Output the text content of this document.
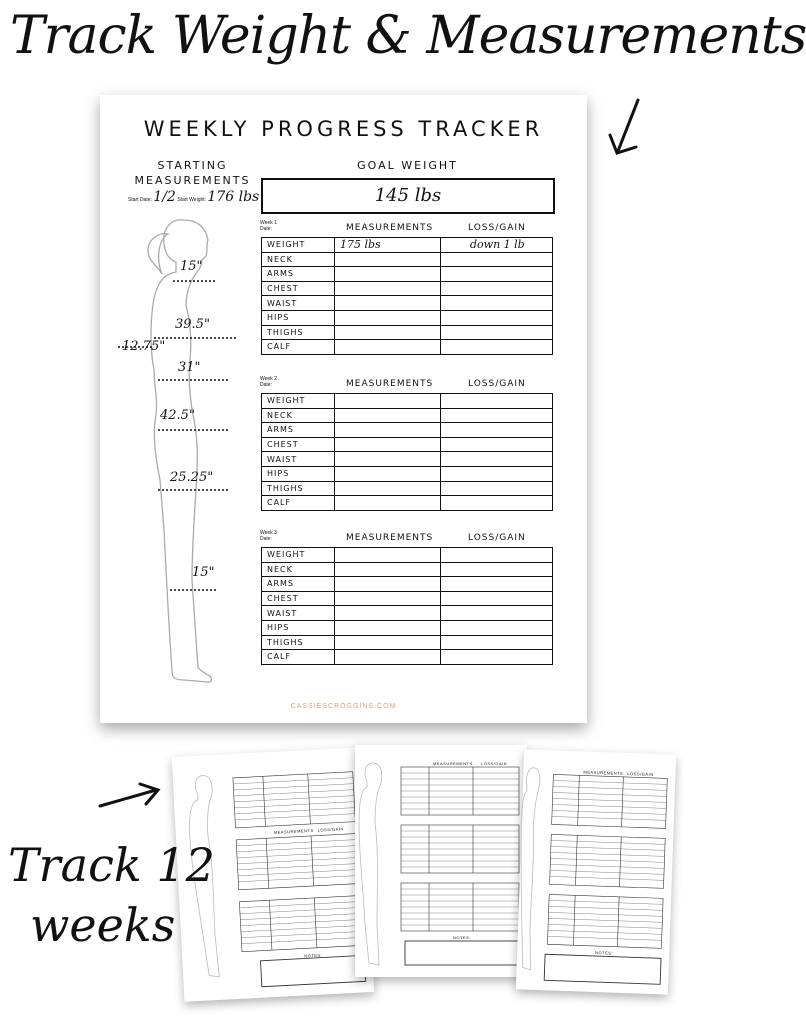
Track Weight & Measurements
WEEKLY PROGRESS TRACKER
STARTING MEASUREMENTS
Start Date: 1/2 Start Weight: 176 lbs
GOAL WEIGHT
145 lbs
15"
39.5"
12.75"
31"
42.5"
25.25"
15"
Week 1
Date:	MEASUREMENTS	LOSS/GAIN
WEIGHT	175 lbs	down 1 lb
NECK		
ARMS		
CHEST		
WAIST		
HIPS		
THIGHS		
CALF		
Week 2
Date:	MEASUREMENTS	LOSS/GAIN
WEIGHT		
NECK		
ARMS		
CHEST		
WAIST		
HIPS		
THIGHS		
CALF		
Week 3
Date:	MEASUREMENTS	LOSS/GAIN
WEIGHT		
NECK		
ARMS		
CHEST		
WAIST		
HIPS		
THIGHS		
CALF		
CASSIESCROGGINS.COM
NOTES:
MEASUREMENTS LOSS/GAIN
NOTES:
MEASUREMENTS LOSS/GAIN
NOTES:
MEASUREMENTS LOSS/GAIN
Track 12
weeks
